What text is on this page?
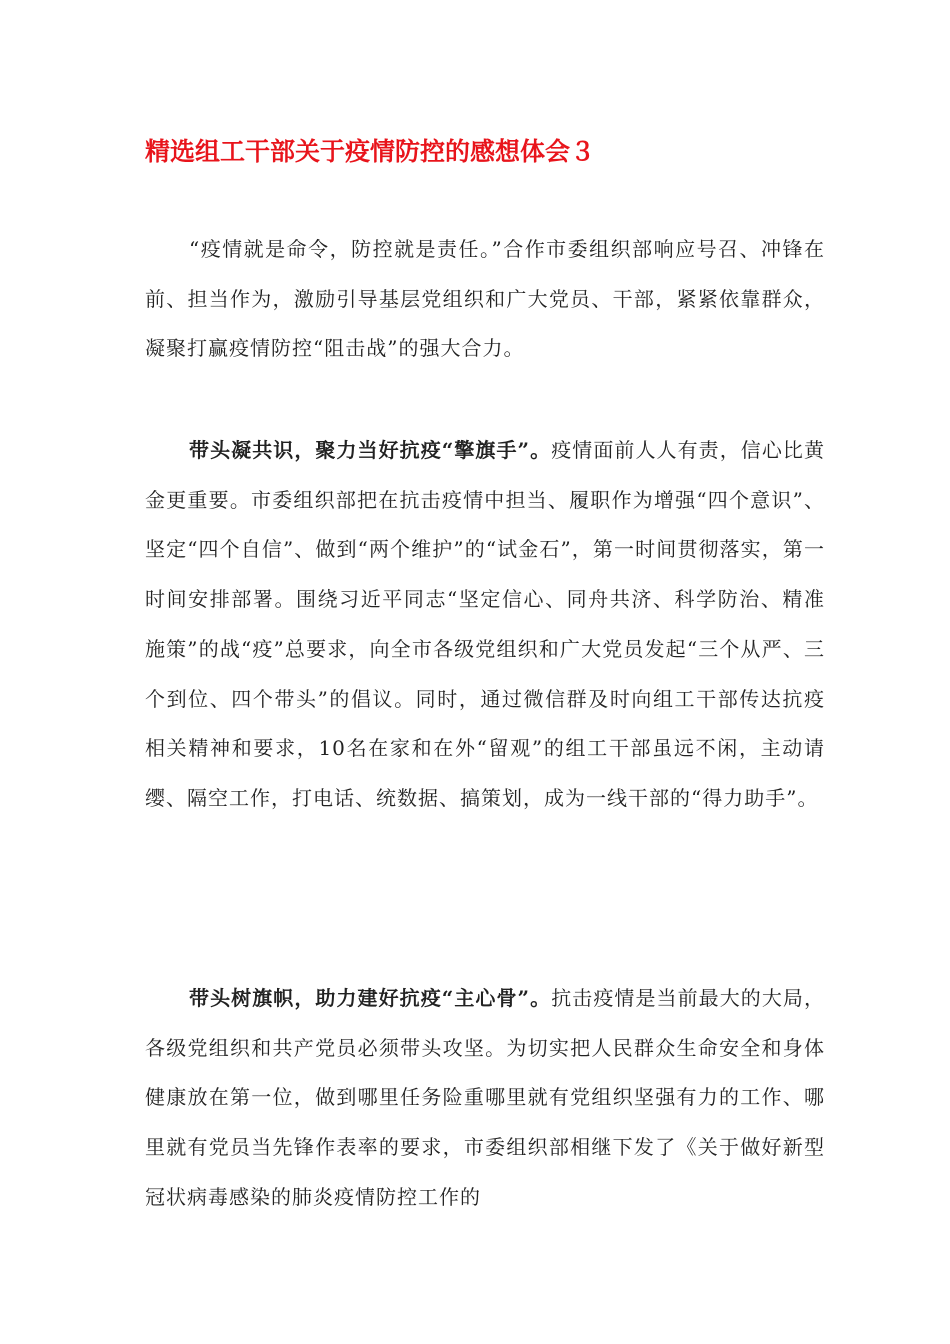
精选组工干部关于疫情防控的感想体会３

“疫情就是命令，防控就是责任。”合作市委组织部响应号召、冲锋在前、担当作为，激励引导基层党组织和广大党员、干部，紧紧依靠群众，凝聚打赢疫情防控“阻击战”的强大合力。

带头凝共识，聚力当好抗疫“擎旗手”。疫情面前人人有责，信心比黄金更重要。市委组织部把在抗击疫情中担当、履职作为增强“四个意识”、坚定“四个自信”、做到“两个维护”的“试金石”，第一时间贯彻落实，第一时间安排部署。围绕习近平同志“坚定信心、同舟共济、科学防治、精准施策”的战“疫”总要求，向全市各级党组织和广大党员发起“三个从严、三个到位、四个带头”的倡议。同时，通过微信群及时向组工干部传达抗疫相关精神和要求，10名在家和在外“留观”的组工干部虽远不闲，主动请缨、隔空工作，打电话、统数据、搞策划，成为一线干部的“得力助手”。

带头树旗帜，助力建好抗疫“主心骨”。抗击疫情是当前最大的大局，各级党组织和共产党员必须带头攻坚。为切实把人民群众生命安全和身体健康放在第一位，做到哪里任务险重哪里就有党组织坚强有力的工作、哪里就有党员当先锋作表率的要求，市委组织部相继下发了《关于做好新型冠状病毒感染的肺炎疫情防控工作的
